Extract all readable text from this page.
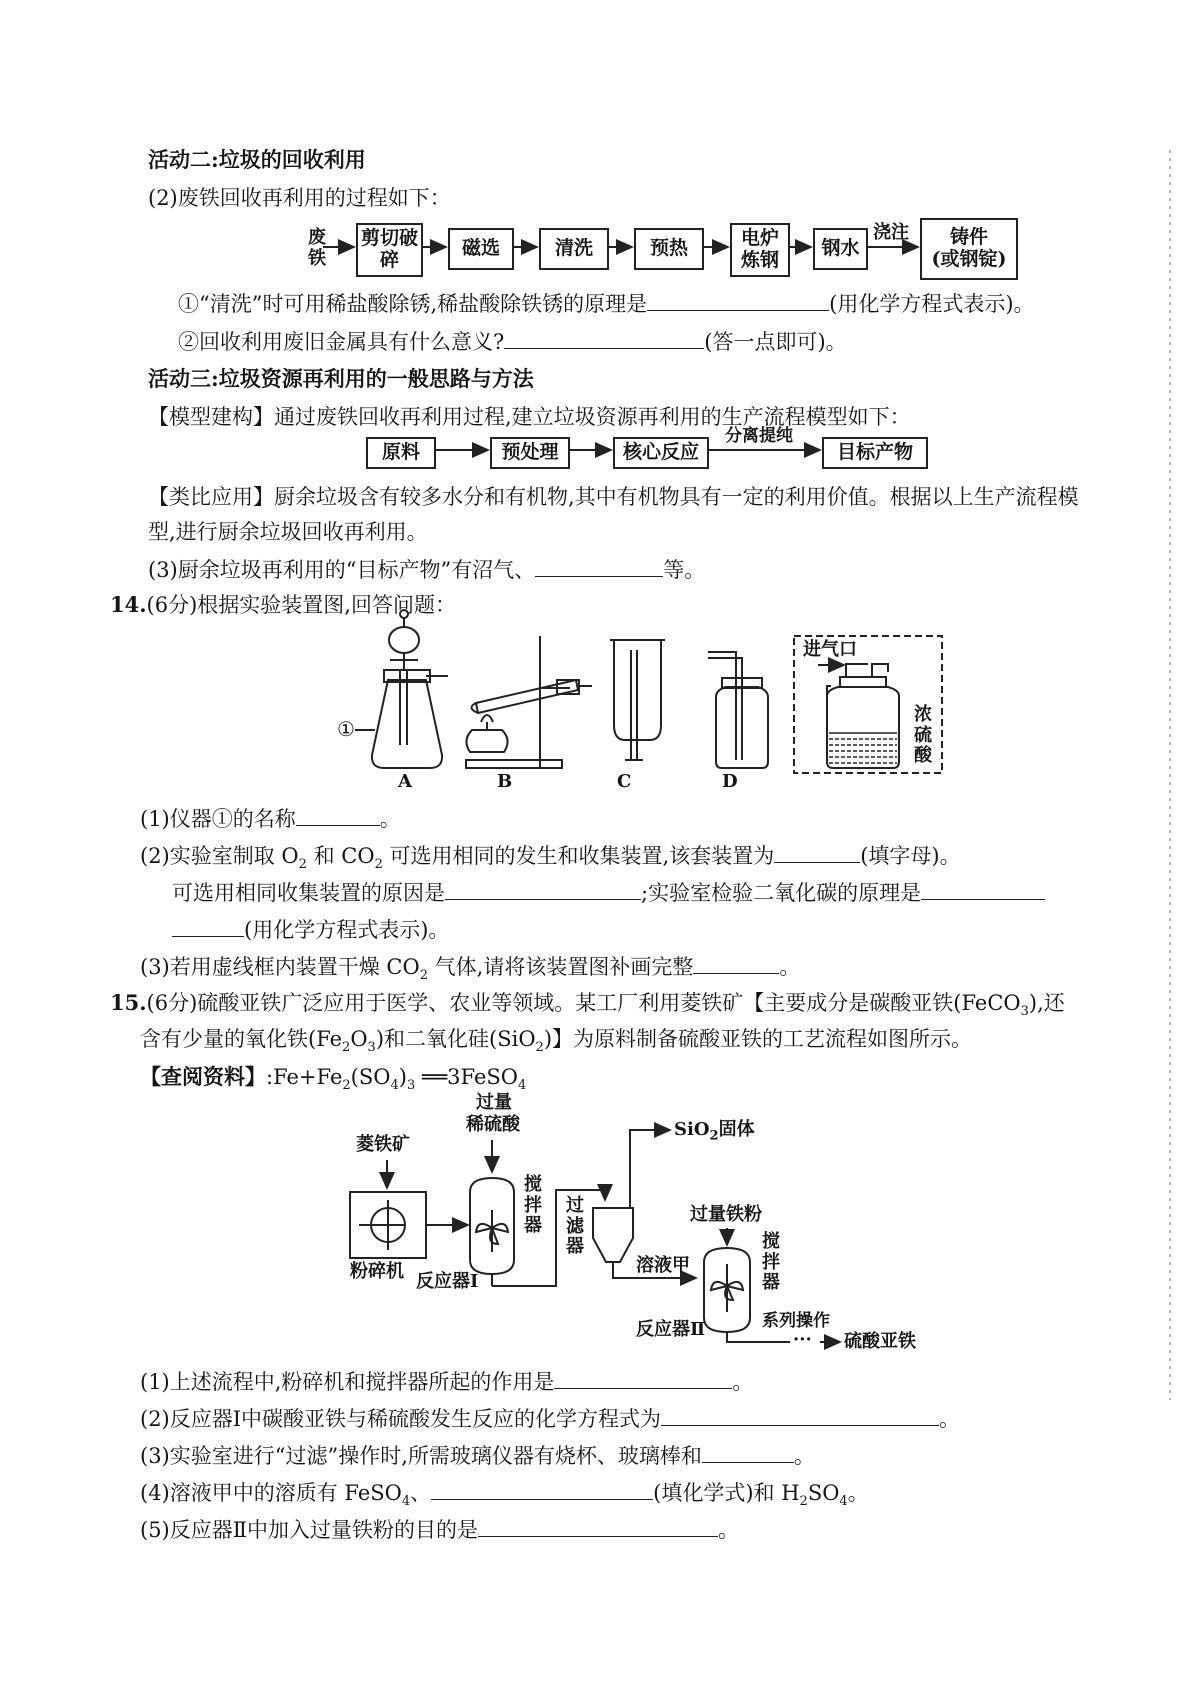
活动二:垃圾的回收利用
(2)废铁回收再利用的过程如下：
废铁
剪切破碎
磁选	清洗	预热	电炉炼钢
钢水
浇注 铸件
(或钢锭)
①“清洗”时可用稀盐酸除锈,稀盐酸除铁锈的原理是	(用化学方程式表示)。
②回收利用废旧金属具有什么意义?	(答一点即可)。
活动三:垃圾资源再利用的一般思路与方法
【模型建构】通过废铁回收再利用过程,建立垃圾资源再利用的生产流程模型如下：
原料	预处理	核心反应
分离提纯
目标产物
【类比应用】厨余垃圾含有较多水分和有机物,其中有机物具有一定的利用价值。根据以上生产流程模
型,进行厨余垃圾回收再利用。
(3)厨余垃圾再利用的“目标产物”有沼气、	等。
14.(6分)根据实验装置图,回答问题：
①
A	B	C	D
进气口
浓硫酸
(1)仪器①的名称	。
(2)实验室制取 $O_2$ 和 $CO_2$ 可选用相同的发生和收集装置,该套装置为	(填字母)。
可选用相同收集装置的原因是	;实验室检验二氧化碳的原理是
(用化学方程式表示)。
(3)若用虚线框内装置干燥 $CO_2$ 气体,请将该装置图补画完整	。
15.(6分)硫酸亚铁广泛应用于医学、农业等领域。某工厂利用菱铁矿【主要成分是碳酸亚铁(FeCO$_3$),还
含有少量的氧化铁$(Fe_2O_3)$和二氧化硅(SiO$_2$)】为原料制备硫酸亚铁的工艺流程如图所示。
【查阅资料】$:Fe+Fe_2(SO_4)_3$ ══3FeSO$_4$
菱铁矿
粉碎机
过量
稀硫酸
搅拌器
反应器Ⅰ
过滤器
SiO$_2$固体
溶液甲
过量铁粉
搅拌器
反应器Ⅱ	系列操作
··· 硫酸亚铁
(1)上述流程中,粉碎机和搅拌器所起的作用是	。
(2)反应器Ⅰ中碳酸亚铁与稀硫酸发生反应的化学方程式为	。
(3)实验室进行“过滤”操作时,所需玻璃仪器有烧杯、玻璃棒和	。
(4)溶液甲中的溶质有 FeSO$_4$、	(填化学式)和 $H_2SO_4$。
(5)反应器Ⅱ中加入过量铁粉的目的是	。
